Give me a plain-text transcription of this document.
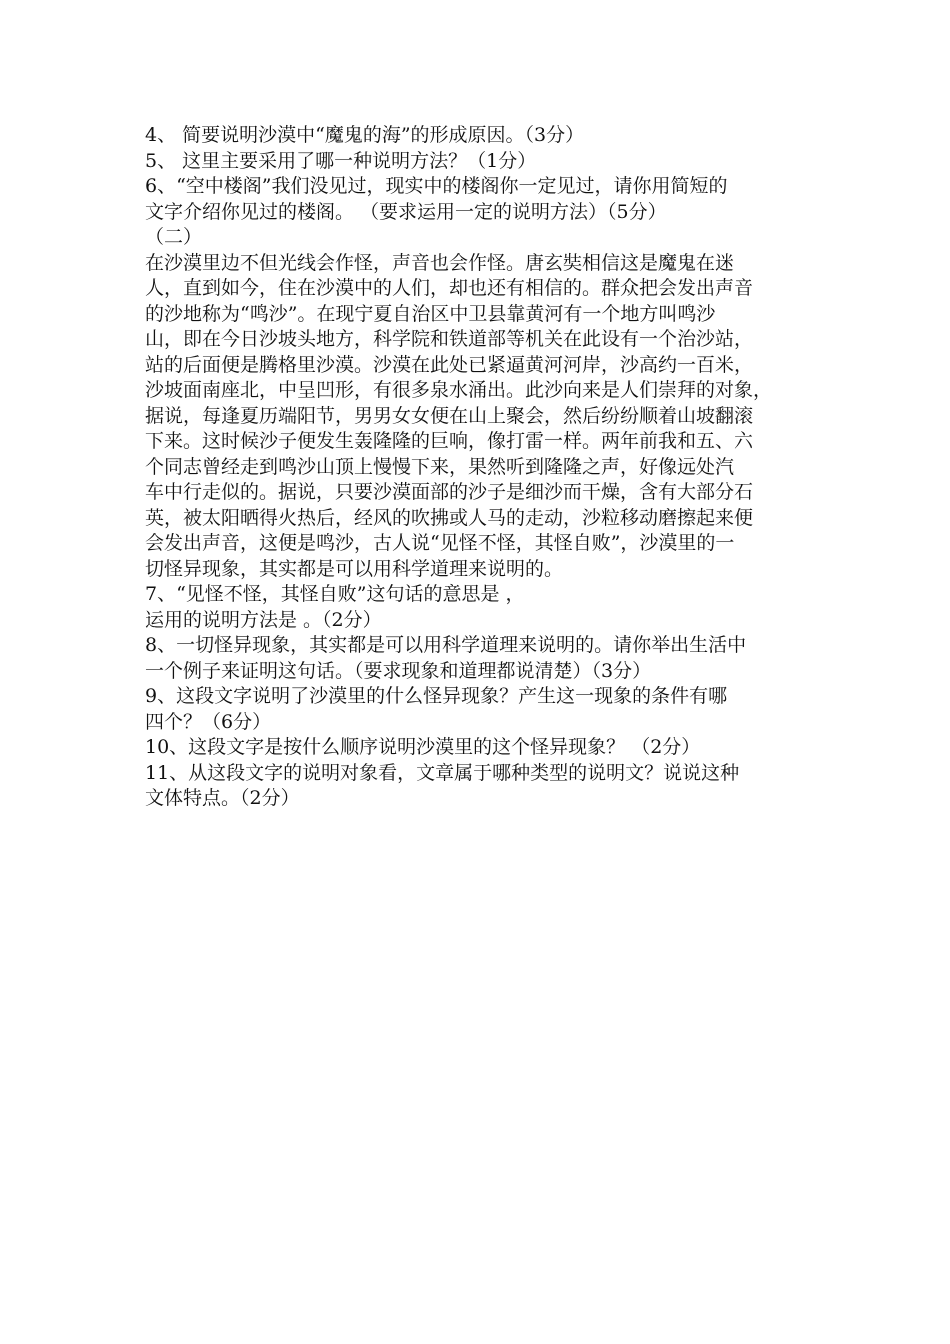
4、 简要说明沙漠中“魔鬼的海”的形成原因。（3分）
5、 这里主要采用了哪一种说明方法？（1分）
6、“空中楼阁”我们没见过，现实中的楼阁你一定见过，请你用简短的
文字介绍你见过的楼阁。 （要求运用一定的说明方法）（5分）
（二）
在沙漠里边不但光线会作怪，声音也会作怪。唐玄奘相信这是魔鬼在迷
人，直到如今，住在沙漠中的人们，却也还有相信的。群众把会发出声音
的沙地称为“鸣沙”。在现宁夏自治区中卫县靠黄河有一个地方叫鸣沙
山，即在今日沙坡头地方，科学院和铁道部等机关在此设有一个治沙站，
站的后面便是腾格里沙漠。沙漠在此处已紧逼黄河河岸，沙高约一百米，
沙坡面南座北，中呈凹形，有很多泉水涌出。此沙向来是人们崇拜的对象，
据说，每逢夏历端阳节，男男女女便在山上聚会，然后纷纷顺着山坡翻滚
下来。这时候沙子便发生轰隆隆的巨响，像打雷一样。两年前我和五、六
个同志曾经走到鸣沙山顶上慢慢下来，果然听到隆隆之声，好像远处汽
车中行走似的。据说，只要沙漠面部的沙子是细沙而干燥，含有大部分石
英，被太阳晒得火热后，经风的吹拂或人马的走动，沙粒移动磨擦起来便
会发出声音，这便是鸣沙，古人说“见怪不怪，其怪自败”，沙漠里的一
切怪异现象，其实都是可以用科学道理来说明的。
7、“见怪不怪，其怪自败”这句话的意思是 ，
运用的说明方法是 。（2分）
8、一切怪异现象，其实都是可以用科学道理来说明的。请你举出生活中
一个例子来证明这句话。（要求现象和道理都说清楚）（3分）
9、这段文字说明了沙漠里的什么怪异现象？产生这一现象的条件有哪
四个？（6分）
10、这段文字是按什么顺序说明沙漠里的这个怪异现象？ （2分）
11、从这段文字的说明对象看，文章属于哪种类型的说明文？说说这种
文体特点。（2分）
